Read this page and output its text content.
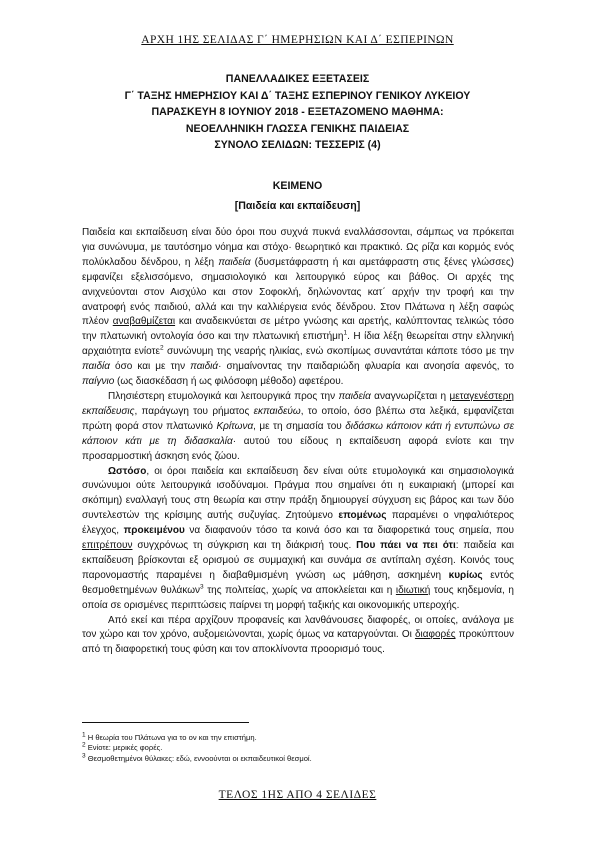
ΑΡΧΗ 1ΗΣ ΣΕΛΙΔΑΣ Γ΄ ΗΜΕΡΗΣΙΩΝ ΚΑΙ Δ΄ ΕΣΠΕΡΙΝΩΝ
ΠΑΝΕΛΛΑΔΙΚΕΣ ΕΞΕΤΑΣΕΙΣ
Γ΄ ΤΑΞΗΣ ΗΜΕΡΗΣΙΟΥ ΚΑΙ Δ΄ ΤΑΞΗΣ ΕΣΠΕΡΙΝΟΥ ΓΕΝΙΚΟΥ ΛΥΚΕΙΟΥ
ΠΑΡΑΣΚΕΥΗ 8 ΙΟΥΝΙΟΥ 2018 - ΕΞΕΤΑΖΟΜΕΝΟ ΜΑΘΗΜΑ:
ΝΕΟΕΛΛΗΝΙΚΗ ΓΛΩΣΣΑ ΓΕΝΙΚΗΣ ΠΑΙΔΕΙΑΣ
ΣΥΝΟΛΟ ΣΕΛΙΔΩΝ: ΤΕΣΣΕΡΙΣ (4)
ΚΕΙΜΕΝΟ
[Παιδεία και εκπαίδευση]

Παιδεία και εκπαίδευση είναι δύο όροι που συχνά πυκνά εναλλάσσονται, σάμπως να πρόκειται για συνώνυμα, με ταυτόσημο νόημα και στόχο· θεωρητικό και πρακτικό. Ως ρίζα και κορμός ενός πολύκλαδου δένδρου, η λέξη παιδεία (δυσμετάφραστη ή και αμετάφραστη στις ξένες γλώσσες) εμφανίζει εξελισσόμενο, σημασιολογικό και λειτουργικό εύρος και βάθος. Οι αρχές της ανιχνεύονται στον Αισχύλο και στον Σοφοκλή, δηλώνοντας κατ΄ αρχήν την τροφή και την ανατροφή ενός παιδιού, αλλά και την καλλιέργεια ενός δένδρου. Στον Πλάτωνα η λέξη σαφώς πλέον αναβαθμίζεται και αναδεικνύεται σε μέτρο γνώσης και αρετής, καλύπτοντας τελικώς τόσο την πλατωνική οντολογία όσο και την πλατωνική επιστήμη$^1$. Η ίδια λέξη θεωρείται στην ελληνική αρχαιότητα ενίοτε$^2$ συνώνυμη της νεαρής ηλικίας, ενώ σκοπίμως συναντάται κάποτε τόσο με την παιδία όσο και με την παιδιά· σημαίνοντας την παιδαριώδη φλυαρία και ανοησία αφενός, το παίγνιο (ως διασκέδαση ή ως φιλόσοφη μέθοδο) αφετέρου.

Πλησιέστερη ετυμολογικά και λειτουργικά προς την παιδεία αναγνωρίζεται η μεταγενέστερη εκπαίδευσις, παράγωγη του ρήματος εκπαιδεύω, το οποίο, όσο βλέπω στα λεξικά, εμφανίζεται πρώτη φορά στον πλατωνικό Κρίτωνα, με τη σημασία του διδάσκω κάποιον κάτι ή εντυπώνω σε κάποιον κάτι με τη διδασκαλία· αυτού του είδους η εκπαίδευση αφορά ενίοτε και την προσαρμοστική άσκηση ενός ζώου.

Ωστόσο, οι όροι παιδεία και εκπαίδευση δεν είναι ούτε ετυμολογικά και σημασιολογικά συνώνυμοι ούτε λειτουργικά ισοδύναμοι. Πράγμα που σημαίνει ότι η ευκαιριακή (μπορεί και σκόπιμη) εναλλαγή τους στη θεωρία και στην πράξη δημιουργεί σύγχυση εις βάρος και των δύο συντελεστών της κρίσιμης αυτής συζυγίας. Ζητούμενο επομένως παραμένει ο νηφαλιότερος έλεγχος, προκειμένου να διαφανούν τόσο τα κοινά όσο και τα διαφορετικά τους σημεία, που επιτρέπουν συγχρόνως τη σύγκριση και τη διάκρισή τους. Που πάει να πει ότι: παιδεία και εκπαίδευση βρίσκονται εξ ορισμού σε συμμαχική και συνάμα σε αντίπαλη σχέση. Κοινός τους παρονομαστής παραμένει η διαβαθμισμένη γνώση ως μάθηση, ασκημένη κυρίως εντός θεσμοθετημένων θυλάκων$^3$ της πολιτείας, χωρίς να αποκλείεται και η ιδιωτική τους κηδεμονία, η οποία σε ορισμένες περιπτώσεις παίρνει τη μορφή ταξικής και οικονομικής υπεροχής.

Από εκεί και πέρα αρχίζουν προφανείς και λανθάνουσες διαφορές, οι οποίες, ανάλογα με τον χώρο και τον χρόνο, αυξομειώνονται, χωρίς όμως να καταργούνται. Οι διαφορές προκύπτουν από τη διαφορετική τους φύση και τον αποκλίνοντα προορισμό τους.

$^1$ Η θεωρία του Πλάτωνα για το ον και την επιστήμη.
$^2$ Ενίοτε: μερικές φορές.
$^3$ Θεσμοθετημένοι θύλακες: εδώ, εννοούνται οι εκπαιδευτικοί θεσμοί.
ΤΕΛΟΣ 1ΗΣ ΑΠΟ 4 ΣΕΛΙΔΕΣ
